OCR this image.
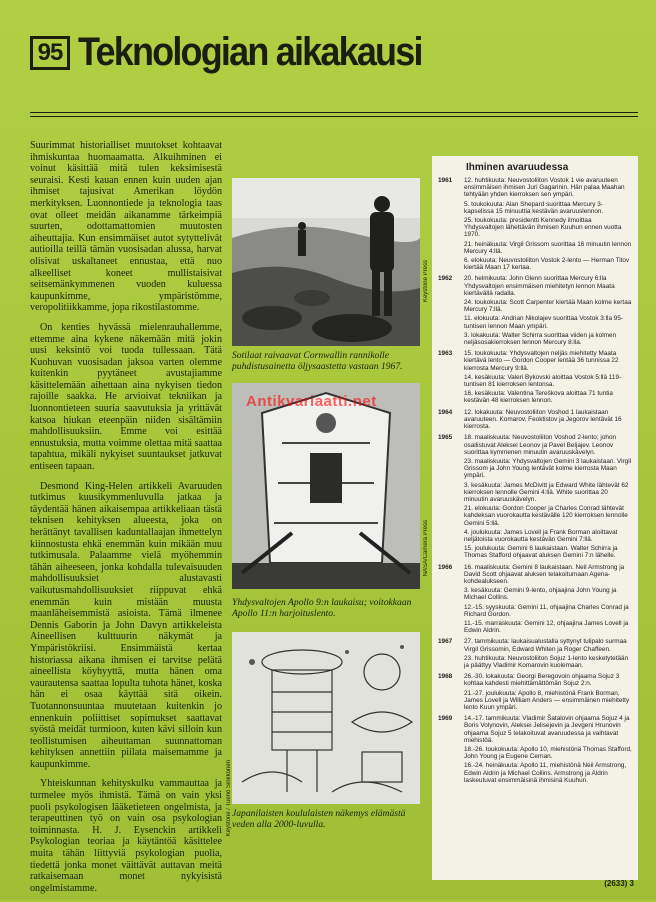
95 Teknologian aikakausi

Suurimmat historialliset muutokset kohtaavat ihmiskuntaa huomaamatta. Alkuihminen ei voinut käsittää mitä tulen keksimisestä seuraisi. Kesti kauan ennen kuin uuden ajan ihmiset tajusivat Amerikan löydön merkityksen. Luonnontiede ja teknologia taas ovat olleet meidän aikanamme tärkeimpiä suurten, odottamattomien muutosten aiheuttajia. Kun ensimmäiset autot sytyttelivät autioilla teillä tämän vuosisadan alussa, harvat olisivat uskaltaneet ennustaa, että nuo alkeelliset koneet mullistaisivat seitsemänkymmenen vuoden kuluessa kaupunkimme, ympäristömme, veropolitiikkamme, jopa rikostilastomme.

On kenties hyvässä mielenrauhallemme, ettemme aina kykene näkemään mitä jokin uusi keksintö voi tuoda tullessaan. Tätä Kuohuvan vuosisadan jaksoa varten olemme kuitenkin pyytäneet avustajiamme käsittelemään aihettaan aina nykyisen tiedon rajoille saakka. He arvioivat tekniikan ja luonnontieteen suuria saavutuksia ja yrittävät katsoa hiukan eteenpäin niiden sisältämiin mahdollisuuksiin. Emme voi esittää ennustuksia, mutta voimme olettaa mitä saattaa tapahtua, mikäli nykyiset suuntaukset jatkuvat entiseen tapaan.

Desmond King-Helen artikkeli Avaruuden tutkimus kuusikymmenluvulla jatkaa ja täydentää hänen aikaisempaa artikkeliaan tästä teknisen kehityksen alueesta, joka on herättänyt tavallisen kaduntallaajan ihmettelyn kiinnostusta ehkä enemmän kuin mikään muu tutkimusala. Palaamme vielä myöhemmin tähän aiheeseen, jonka kohdalla tulevaisuuden mahdollisuuksiet alustavasti vaikutusmahdollisuuksiet riippuvat ehkä enemmän kuin mistään muusta maanläheisemmistä asioista. Tämä ilmenee Dennis Gaborin ja John Davyn artikkeleista Aineellisen kulttuurin näkymät ja Ympäristökriisi. Ensimmäistä kertaa historiassa aikana ihmisen ei tarvitse pelätä aineellista köyhyyttä, mutta hänen oma vaurautensa saattaa lopulta tuhota hänet, koska hän ei osaa käyttää sitä oikein. Tuotannonsuuntaa muutetaan kuitenkin jo ennenkuin poliittiset sopimukset saattavat syöstä meidät turmioon, kuten kävi silloin kun teollistumisen aiheuttaman suunnattoman kehityksen annettiin piilata maisemamme ja kaupunkimme.

Yhteiskunnan kehityskulku vammauttaa ja turmelee myös ihmistä. Tämä on vain yksi puoli psykologisen lääketieteen ongelmista, ja terapeuttinen työ on vain osa psykologian toiminnasta. H. J. Eysenckin artikkeli Psykologian teoriaa ja käytäntöä käsittelee muita tähän liittyviä psykologian puolia, tiedettä jonka monet väittävät auttavan meitä ratkaisemaan monet nykyisistä ongelmistamme.

Keystone Press
Sotilaat raivaavat Cornwallin rannikolle puhdistusainetta öljysaastetta vastaan 1967.
NASA/Camera Press
Yhdysvaltojen Apollo 9:n laukaisu; voitokkaan Apollo 11:n harjoituslento.
Keystone / Tueno Sinkkonen Japanilaisten koululaisten näkemys elämästä veden alla 2000-luvulla.
Antikvariaatti.net
Ihminen avaruudessa
1961	12. huhtikuuta: Neuvostoliiton Vostok 1 vie avaruuteen ensimmäisen ihmisen Juri Gagarinin. Hän palaa Maahan tehtyään yhden kierroksen sen ympäri.
5. toukokuuta: Alan Shepard suorittaa Mercury 3-kapselissa 15 minuuttia kestävän avaruuslennon.
25. toukokuuta: presidentti Kennedy ilmoittaa Yhdysvaltojen lähettävän ihmisen Kuuhun ennen vuotta 1970.
21. heinäkuuta: Virgil Grissom suorittaa 16 minuutin lennon Mercury 4:llä.
6. elokuuta: Neuvostoliiton Vostok 2-lento — Herman Titov kiertää Maan 17 kertaa.
1962	20. helmikuuta: John Glenn suorittaa Mercury 6:lla Yhdysvaltojen ensimmäisen miehitetyn lennon Maata kiertävällä radalla.
24. toukokuuta: Scott Carpenter kiertää Maan kolme kertaa Mercury 7:llä.
11. elokuuta: Andrian Nikolajev suorittaa Vostok 3:lla 95-tuntisen lennon Maan ympäri.
3. lokakuuta: Walter Schirra suorittaa viiden ja kolmen neljäsosakierroksen lennon Mercury 8:lla.
1963	15. toukokuuta: Yhdysvaltojen neljäs miehitetty Maata kiertävä lento — Gordon Cooper lentää 36 tunnissa 22 kierrosta Mercury 9:llä.
14. kesäkuuta: Valeri Bykovski aloittaa Vostok 5:llä 119-tuntisen 81 kierroksen lentonsa.
16. kesäkuuta: Valentina Tereškova aloittaa 71 tuntia kestävän 48 kierroksen lennon.
1964	12. lokakuuta: Neuvostoliiton Voshod 1 laukaistaan avaruuteen. Komarov, Feoktistov ja Jegorov lentävät 16 kierrosta.
1965	18. maaliskuuta: Neuvostoliiton Voshod 2-lento; johon osallistuvat Aleksei Leonov ja Pavel Beljajev. Leonov suorittaa kymmenen minuutin avaruuskävelyn.
23. maaliskuuta: Yhdysvaltojen Gemini 3 laukaistaan. Virgil Grissom ja John Young lentävät kolme kierrosta Maan ympäri.
3. kesäkuuta: James McDivitt ja Edward White lähtevät 62 kierroksen lennolle Gemini 4:llä. White suorittaa 20 minuutin avaruuskävelyn.
21. elokuuta: Gordon Cooper ja Charles Conrad lähtevät kahdeksan vuorokautta kestävälle 120 kierroksen lennolle Gemini 5:llä.
4. joulukuuta: James Lovell ja Frank Borman aloittavat neljätoista vuorokautta kestävän Gemini 7:llä.
15. joulukuuta: Gemini 6 laukaistaan. Walter Schirra ja Thomas Stafford ohjaavat aluksen Gemini 7:n lähelle.
1966	16. maaliskuuta: Gemini 8 laukaistaan. Neil Armstrong ja David Scott ohjaavat aluksen telakoitumaan Agena-kohdealukseen.
3. kesäkuuta: Gemini 9-lento, ohjaajina John Young ja Michael Collins.
12.-15. syyskuuta: Gemini 11, ohjaajina Charles Conrad ja Richard Gordon.
11.-15. marraskuuta: Gemini 12, ohjaajina James Lovell ja Edwin Aldrin.
1967	27. tammikuuta: laukaisualustalla syttynyt tulipalo surmaa Virgil Grissomin, Edward Whiten ja Roger Chaffeen.
23. huhtikuuta: Neuvostoliiton Sojuz 1-lento kesketytetään ja päättyy Vladimir Komarovin kuolemaan.
1968	26.-30. lokakuuta: Georgi Beregovoin ohjaama Sojuz 3 kohtaa kahdesti miehittämättömän Sojuz 2:n.
21.-27. joulukuuta: Apollo 8, miehistönä Frank Borman, James Lovell ja William Anders — ensimmäinen miehitetty lento Kuun ympäri.
1969	14.-17. tammikuuta: Vladimir Šatalovin ohjaama Sojuz 4 ja Boris Volynovin, Aleksei Jelisejevin ja Jevgeni Hrunovin ohjaama Sojuz 5 telakoituvat avaruudessa ja vaihtavat miehistöä.
18.-26. toukokuuta: Apollo 10, miehistönä Thomas Stafford, John Young ja Eugene Cernan.
16.-24. heinäkuuta: Apollo 11, miehistönä Neil Armstrong, Edwin Aldrin ja Michael Collins. Armstrong ja Aldrin laskeutuvat ensimmäisinä ihmisinä Kuuhun.
(2633) 3
